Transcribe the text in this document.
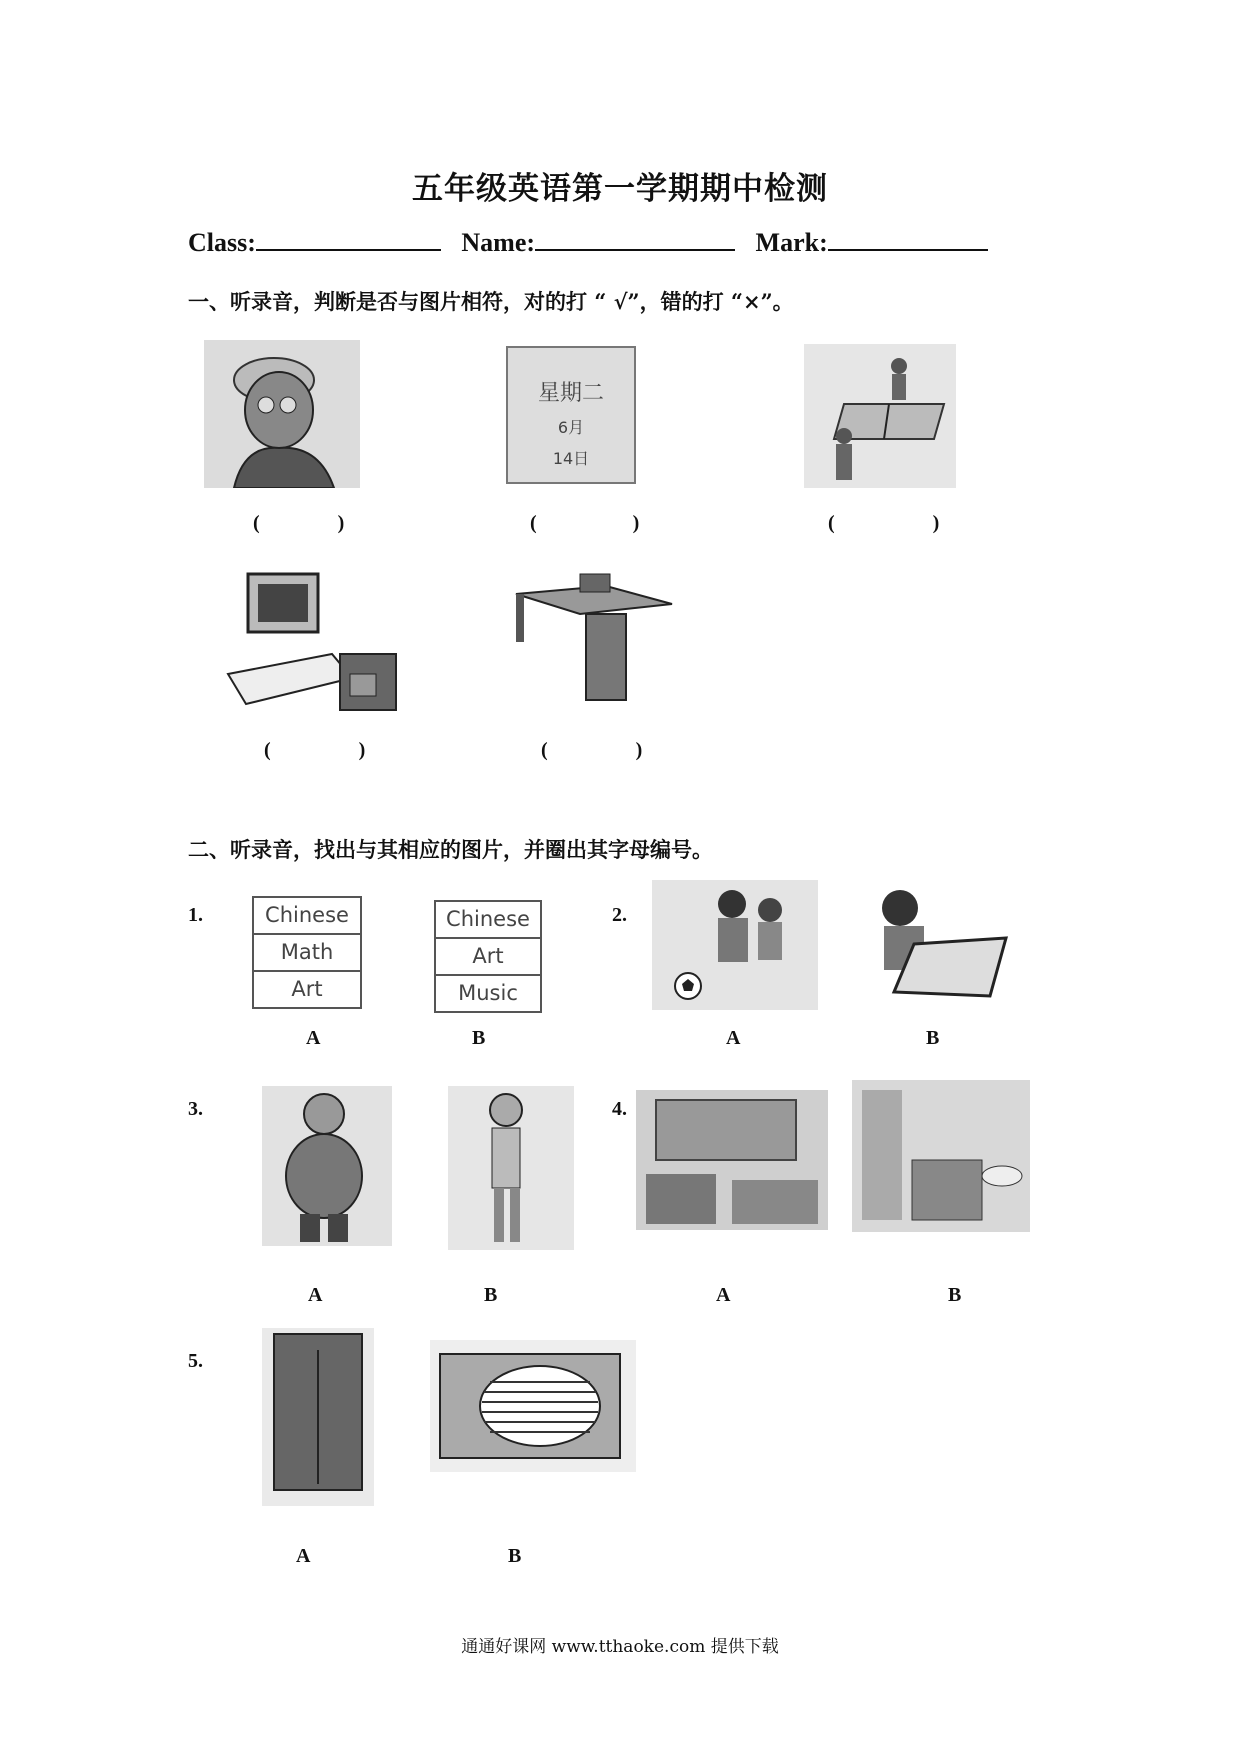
五年级英语第一学期期中检测
Class:	Name:	Mark:
一、听录音，判断是否与图片相符，对的打 “ √”，错的打 “×”。
星期二
6月
14日
(	)	(	)	(	)
(	)	(	)
二、听录音，找出与其相应的图片，并圈出其字母编号。
1.	Chinese
Math
Art
Chinese
Art
Music
2.
A	B	A	B
3.	4.
A	B	A	B
5.
A	B
通通好课网 www.tthaoke.com 提供下载
